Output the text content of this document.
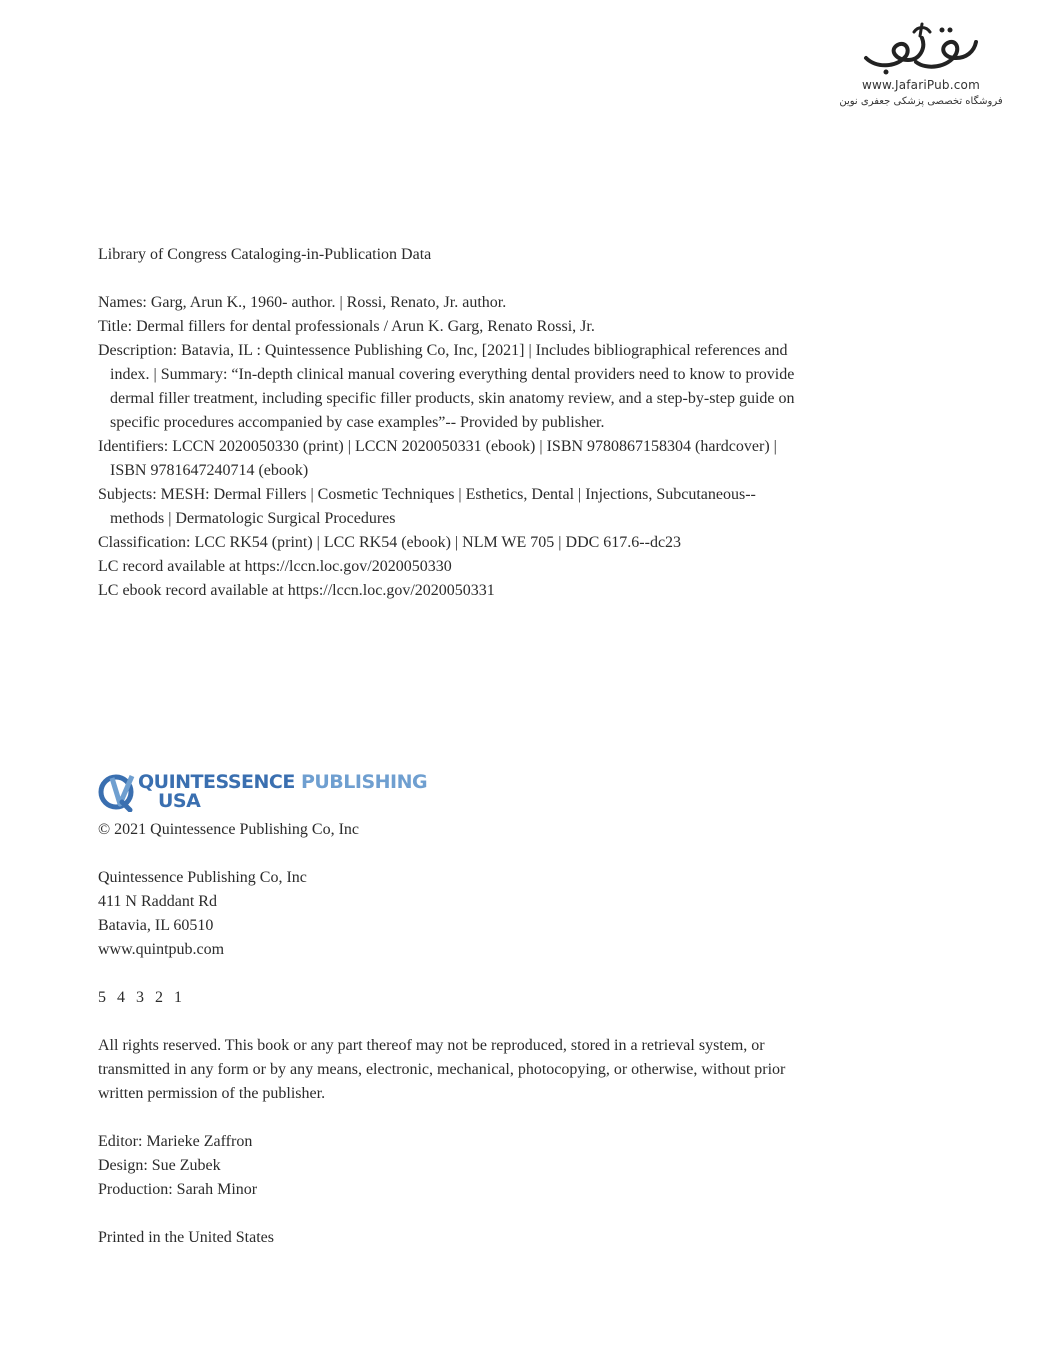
www.JafariPub.com
فروشگاه تخصصی پزشکی جعفری نوین

Library of Congress Cataloging-in-Publication Data

Names: Garg, Arun K., 1960- author. | Rossi, Renato, Jr. author.

Title: Dermal fillers for dental professionals / Arun K. Garg, Renato Rossi, Jr.

Description: Batavia, IL : Quintessence Publishing Co, Inc, [2021] | Includes bibliographical references and index. | Summary: “In-depth clinical manual covering everything dental providers need to know to provide dermal filler treatment, including specific filler products, skin anatomy review, and a step-by-step guide on specific procedures accompanied by case examples”-- Provided by publisher.

Identifiers: LCCN 2020050330 (print) | LCCN 2020050331 (ebook) | ISBN 9780867158304 (hardcover) | ISBN 9781647240714 (ebook)

Subjects: MESH: Dermal Fillers | Cosmetic Techniques | Esthetics, Dental | Injections, Subcutaneous--methods | Dermatologic Surgical Procedures

Classification: LCC RK54 (print) | LCC RK54 (ebook) | NLM WE 705 | DDC 617.6--dc23

LC record available at https://lccn.loc.gov/2020050330

LC ebook record available at https://lccn.loc.gov/2020050331

QUINTESSENCE PUBLISHING
USA

© 2021 Quintessence Publishing Co, Inc

Quintessence Publishing Co, Inc

411 N Raddant Rd

Batavia, IL 60510

www.quintpub.com

5 4 3 2 1

All rights reserved. This book or any part thereof may not be reproduced, stored in a retrieval system, or transmitted in any form or by any means, electronic, mechanical, photocopying, or otherwise, without prior written permission of the publisher.

Editor: Marieke Zaffron

Design: Sue Zubek

Production: Sarah Minor

Printed in the United States
